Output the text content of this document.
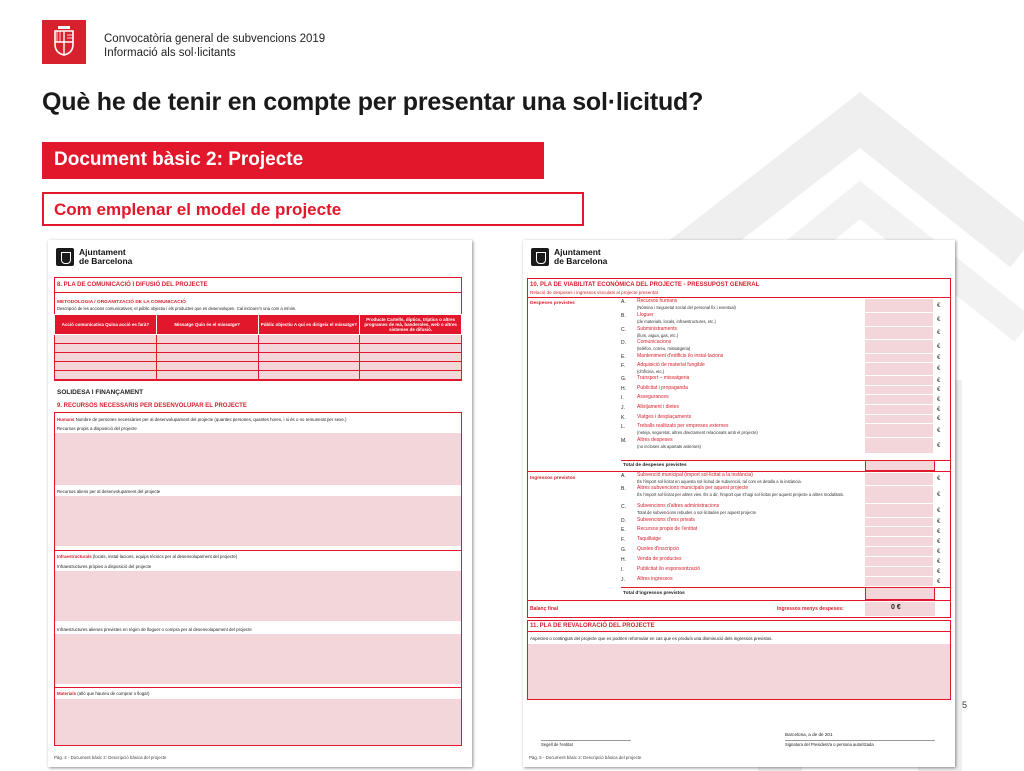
Convocatòria general de subvencions 2019
Informació als sol·licitants
Què he de tenir en compte per presentar una sol·licitud?
Document bàsic 2: Projecte
Com emplenar el model de projecte
Ajuntament
de Barcelona
8. PLA DE COMUNICACIÓ I DIFUSIÓ DEL PROJECTE
METODOLOGIA / ORGANITZACIÓ DE LA COMUNICACIÓ
Descripció de les accions comunicatives, el públic objectiu i els productes que es desenvolupen. Cal incloure'n una com a mínim.
Acció comunicativa Quina acció es farà?	Missatge Quin és el missatge?	Públic objectiu A qui es dirigeix el missatge?	Producte Cartells, díptics, tríptics o altres programes de mà, banderoles, web o altres sistemes de difusió.

SOLIDESA I FINANÇAMENT
9. RECURSOS NECESSARIS PER DESENVOLUPAR EL PROJECTE
Humans Nombre de persones necessàries per al desenvolupament del projecte (quantes persones, quantes hores, i si és o no remunerat per sexe.)
Recursos propis a disposició del projecte
Recursos aliens per al desenvolupament del projecte
Infraestructurals (locals, instal·lacions, equips tècnics per al desenvolupament del projecte)
Infraestructures pròpies a disposició del projecte
Infraestructures alienes previstes en règim de lloguer o compra per al desenvolupament del projecte
Materials (allò que haureu de comprar o llogar)
Pàg. 4 - Document bàsic 2: Descripció bàsica del projecte
Ajuntament
de Barcelona
10. PLA DE VIABILITAT ECONÒMICA DEL PROJECTE - PRESSUPOST GENERAL
Relació de despeses i ingressos vinculats al projecte presentat
Despeses previstes	A. Recursos humans
(Nòmina i Seguretat social del personal fix i eventual)	€
B. Lloguer
(de materials, locals, infraestructures, etc.)	€
C. Subministraments
(llum, aigua, gas, etc.)	€
D. Comunicacions
(telèfon, correu, missatgeria)	€
E. Manteniment d'edificis i/o instal·lacions	€
F. Adquisició de material fungible
(d'oficina, etc.)	€
G. Transport – missatgeria	€
H. Publicitat i propaganda	€
I.	Assegurances	€
J. Allotjament i dietes	€
K. Viatges i desplaçaments	€
L. Treballs realitzats per empreses externes
(neteja, seguretat, altres directament relacionats amb el projecte)	€
M. Altres despeses
(no incloses als apartats anteriors)	€
Total de despeses previstes
Ingressos previstos	A. Subvenció municipal (import sol·licitat a la instància)
És l'import sol·licitat en aquesta sol·licitud de subvenció, tal com es detalla a la instància.	€
B. Altres subvencions municipals per aquest projecte
És l'import sol·licitat per altres vies. És a dir, l'import que s'hagi sol·licitat per aquest projecte a altres modalitats.	€
C. Subvencions d'altres administracions
Total de subvencions rebudes o sol·licitades per aquest projecte	€
D. Subvencions d'ens privats	€
E. Recursos propis de l'entitat	€
F. Taquillatge	€
G. Quotes d'inscripció	€
H. Venda de productes	€
I.	Publicitat i/o esponsorització	€
J. Altres ingressos	€
Total d'ingressos previstos
Balanç final	Ingressos menys despeses:	0 €
11. PLA DE REVALORACIÓ DEL PROJECTE
Aspectes o continguts del projecte que es podrien reformular en cas que es produís una disminució dels ingressos previstos.
Barcelona, a de de 201
Segell de l'entitat	Signatura del President/a o persona autoritzada
Pàg. 5 - Document bàsic 2: Descripció bàsica del projecte
5
